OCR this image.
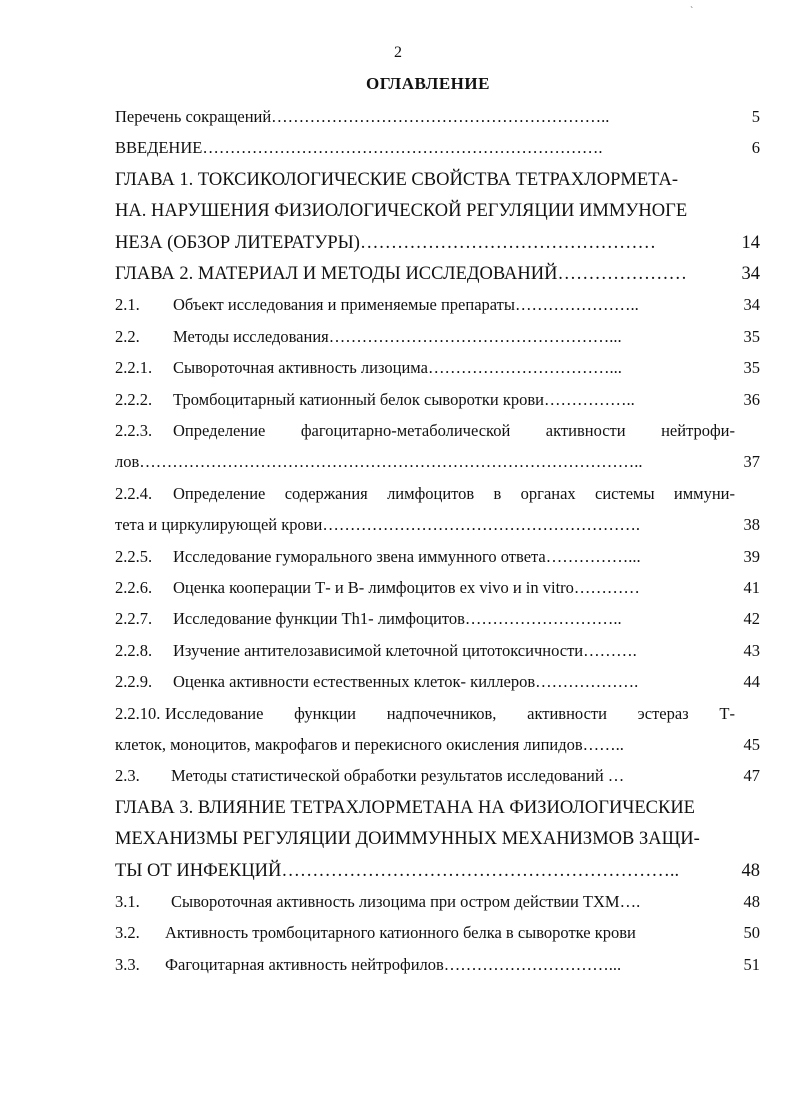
`
2
ОГЛАВЛЕНИЕ
Перечень сокращений……………………………………………………..	5
ВВЕДЕНИЕ……………………………………………………………….	6
ГЛАВА 1. ТОКСИКОЛОГИЧЕСКИЕ СВОЙСТВА ТЕТРАХЛОРМЕТА-
НА. НАРУШЕНИЯ ФИЗИОЛОГИЧЕСКОЙ РЕГУЛЯЦИИ ИММУНОГЕ
НЕЗА (ОБЗОР ЛИТЕРАТУРЫ)…………………………………………	14
ГЛАВА 2. МАТЕРИАЛ И МЕТОДЫ ИССЛЕДОВАНИЙ…………………	34
2.1. Объект исследования и применяемые препараты…………………..	34
2.2. Методы исследования……………………………………………...	35
2.2.1. Сывороточная активность лизоцима……………………………...	35
2.2.2. Тромбоцитарный катионный белок сыворотки крови……………..	36
2.2.3. Определение фагоцитарно-метаболической активности нейтрофи-
лов………………………………………………………………………………..	37
2.2.4. Определение содержания лимфоцитов в органах системы иммуни-
тета и циркулирующей крови………………………………………………….	38
2.2.5. Исследование гуморального звена иммунного ответа……………...	39
2.2.6. Оценка кооперации Т- и В- лимфоцитов ex vivo и in vitro…………	41
2.2.7. Исследование функции Th1- лимфоцитов………………………..	42
2.2.8. Изучение антителозависимой клеточной цитотоксичности……….	43
2.2.9. Оценка активности естественных клеток- киллеров……………….	44
2.2.10. Исследование функции надпочечников, активности эстераз Т-
клеток, моноцитов, макрофагов и перекисного окисления липидов……..	45
2.3. Методы статистической обработки результатов исследований …	47
ГЛАВА 3. ВЛИЯНИЕ ТЕТРАХЛОРМЕТАНА НА ФИЗИОЛОГИЧЕСКИЕ
МЕХАНИЗМЫ РЕГУЛЯЦИИ ДОИММУННЫХ МЕХАНИЗМОВ ЗАЩИ-
ТЫ ОТ ИНФЕКЦИЙ………………………………………………………..	48
3.1. Сывороточная активность лизоцима при остром действии ТХМ….	48
3.2. Активность тромбоцитарного катионного белка в сыворотке крови	50
3.3. Фагоцитарная активность нейтрофилов…………………………...	51
